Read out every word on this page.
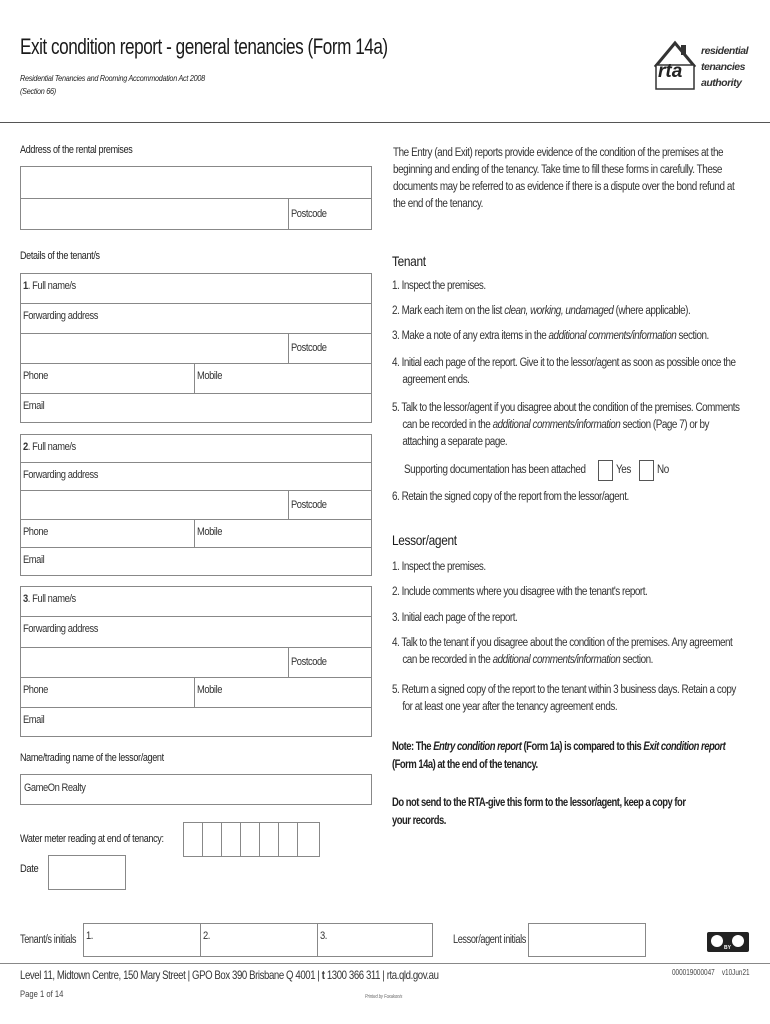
Exit condition report - general tenancies (Form 14a)
Residential Tenancies and Rooming Accommodation Act 2008
(Section 66)
rta
residential
tenancies
authority
Address of the rental premises
Postcode
Details of the tenant/s
1. Full name/s
Forwarding address
Postcode
Phone	Mobile
Email
2. Full name/s
Forwarding address
Postcode
Phone	Mobile
Email
3. Full name/s
Forwarding address
Postcode
Phone	Mobile
Email
Name/trading name of the lessor/agent
GameOn Realty
Water meter reading at end of tenancy:
Date
The Entry (and Exit) reports provide evidence of the condition of the premises at the beginning and ending of the tenancy. Take time to fill these forms in carefully. These documents may be referred to as evidence if there is a dispute over the bond refund at the end of the tenancy.
Tenant
1. Inspect the premises.
2. Mark each item on the list clean, working, undamaged (where applicable).
3. Make a note of any extra items in the additional comments/information section.
4. Initial each page of the report. Give it to the lessor/agent as soon as possible once the
agreement ends.
5. Talk to the lessor/agent if you disagree about the condition of the premises. Comments
can be recorded in the additional comments/information section (Page 7) or by
attaching a separate page.
Supporting documentation has been attached	Yes No
6. Retain the signed copy of the report from the lessor/agent.
Lessor/agent
1. Inspect the premises.
2. Include comments where you disagree with the tenant's report.
3. Initial each page of the report.
4. Talk to the tenant if you disagree about the condition of the premises. Any agreement
can be recorded in the additional comments/information section.
5. Return a signed copy of the report to the tenant within 3 business days. Retain a copy
for at least one year after the tenancy agreement ends.
Note: The Entry condition report (Form 1a) is compared to this Exit condition report
(Form 14a) at the end of the tenancy.
Do not send to the RTA-give this form to the lessor/agent, keep a copy for
your records.
Tenant/s initials 1.	2.	3.	Lessor/agent initials
BY
Level 11, Midtown Centre, 150 Mary Street | GPO Box 390 Brisbane Q 4001 | t 1300 366 311 | rta.qld.gov.au
Page 1 of 14	Printed by Foxakonis
000019000047    v10Jun21
